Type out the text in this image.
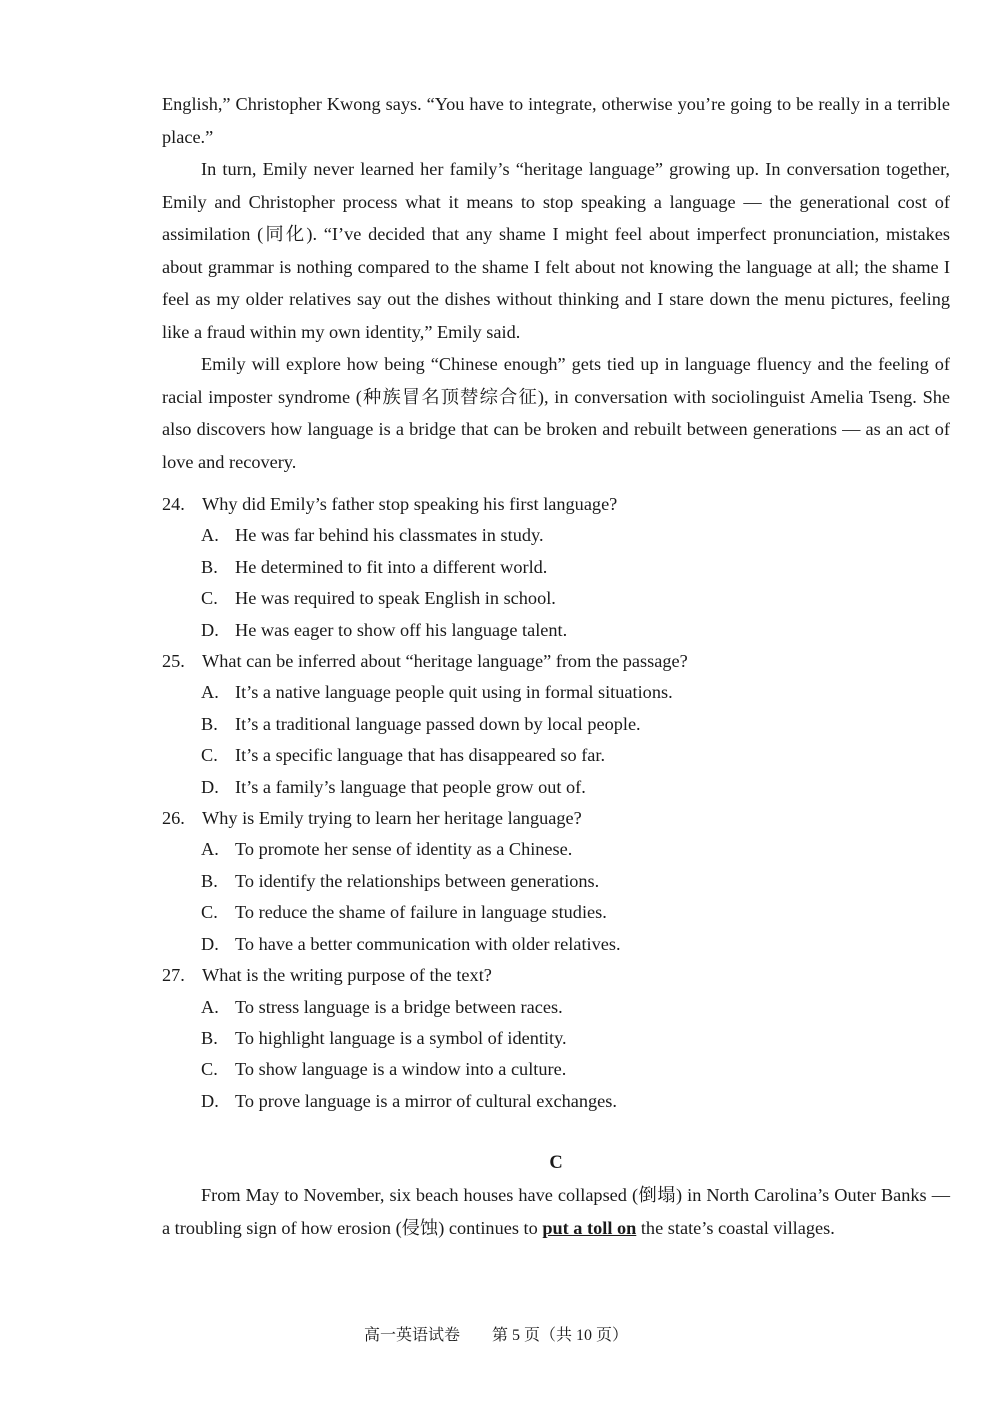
English,” Christopher Kwong says. “You have to integrate, otherwise you’re going to be really in a terrible place.”

In turn, Emily never learned her family’s “heritage language” growing up. In conversation together, Emily and Christopher process what it means to stop speaking a language — the generational cost of assimilation (同化). “I’ve decided that any shame I might feel about imperfect pronunciation, mistakes about grammar is nothing compared to the shame I felt about not knowing the language at all; the shame I feel as my older relatives say out the dishes without thinking and I stare down the menu pictures, feeling like a fraud within my own identity,” Emily said.

Emily will explore how being “Chinese enough” gets tied up in language fluency and the feeling of racial imposter syndrome (种族冒名顶替综合征), in conversation with sociolinguist Amelia Tseng. She also discovers how language is a bridge that can be broken and rebuilt between generations — as an act of love and recovery.

24. Why did Emily’s father stop speaking his first language?

A. He was far behind his classmates in study.

B. He determined to fit into a different world.

C. He was required to speak English in school.

D. He was eager to show off his language talent.

25. What can be inferred about “heritage language” from the passage?

A. It’s a native language people quit using in formal situations.

B. It’s a traditional language passed down by local people.

C. It’s a specific language that has disappeared so far.

D. It’s a family’s language that people grow out of.

26. Why is Emily trying to learn her heritage language?

A. To promote her sense of identity as a Chinese.

B. To identify the relationships between generations.

C. To reduce the shame of failure in language studies.

D. To have a better communication with older relatives.

27. What is the writing purpose of the text?

A. To stress language is a bridge between races.

B. To highlight language is a symbol of identity.

C. To show language is a window into a culture.

D. To prove language is a mirror of cultural exchanges.

C

From May to November, six beach houses have collapsed (倒塌) in North Carolina’s Outer Banks — a troubling sign of how erosion (侵蚀) continues to put a toll on the state’s coastal villages.

高一英语试卷 第 5 页（共 10 页）
